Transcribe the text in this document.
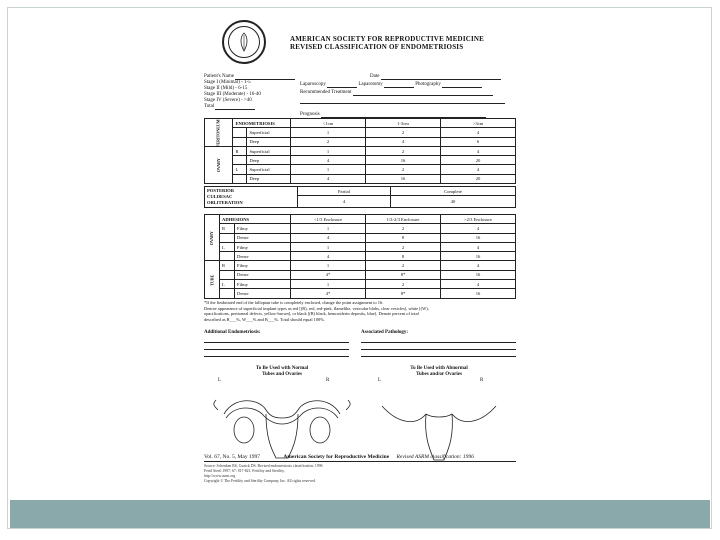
AMERICAN SOCIETY FOR REPRODUCTIVE MEDICINE
REVISED CLASSIFICATION OF ENDOMETRIOSIS
Patient's Name
Stage I (Minimal) - 1-5
Stage II (Mild) - 6-15
Stage III (Moderate) - 16-40
Stage IV (Severe) - >40
Total
Date
Laparoscopy	Laparotomy	Photography
Recommended Treatment
Prognosis
PERITONEUM	ENDOMETRIOSIS		<1cm	1-3cm	>3cm
		Superficial	1	2	4
		Deep	2	4	6
OVARY	R	Superficial	1	2	4
		Deep	4	16	20
	L	Superficial	1	2	4
		Deep	4	16	20
POSTERIOR
CULDESAC
OBLITERATION	Partial	Complete
	4	40
OVARY	ADHESIONS		<1/3 Enclosure	1/3-2/3 Enclosure	>2/3 Enclosure
	R	Filmy	1	2	4
		Dense	4	8	16
	L	Filmy	1	2	4
		Dense	4	8	16
TUBE	R	Filmy	1	2	4
		Dense	4*	8*	16
	L	Filmy	1	2	4
		Dense	4*	8*	16
*If the fimbriated end of the fallopian tube is completely enclosed, change the point assignment to 16.
Denote appearance of superficial implant types as red [(R), red, red-pink, flamelike, vesicular blobs, clear vesicles], white [(W),
opacifications, peritoneal defects, yellow-brown], or black [(B) black, hemosiderin deposits, blue]. Denote percent of total
described as R___%, W___% and B___%. Total should equal 100%.
Additional Endometriosis:	Associated Pathology:
To Be Used with Normal
Tubes and Ovaries
To Be Used with Abnormal
Tubes and/or Ovaries
L	R	L	R
Vol. 67, No. 5, May 1997	American Society for Reproductive Medicine Revised ASRM classification: 1996
Source: Schenken RS, Guzick DS. Revised endometriosis classification: 1996
Fertil Steril 1997; 67: 817-821. Fertility and Sterility.
http://www.asrm.org
Copyright © The Fertility and Sterility Company, Inc. All rights reserved.
